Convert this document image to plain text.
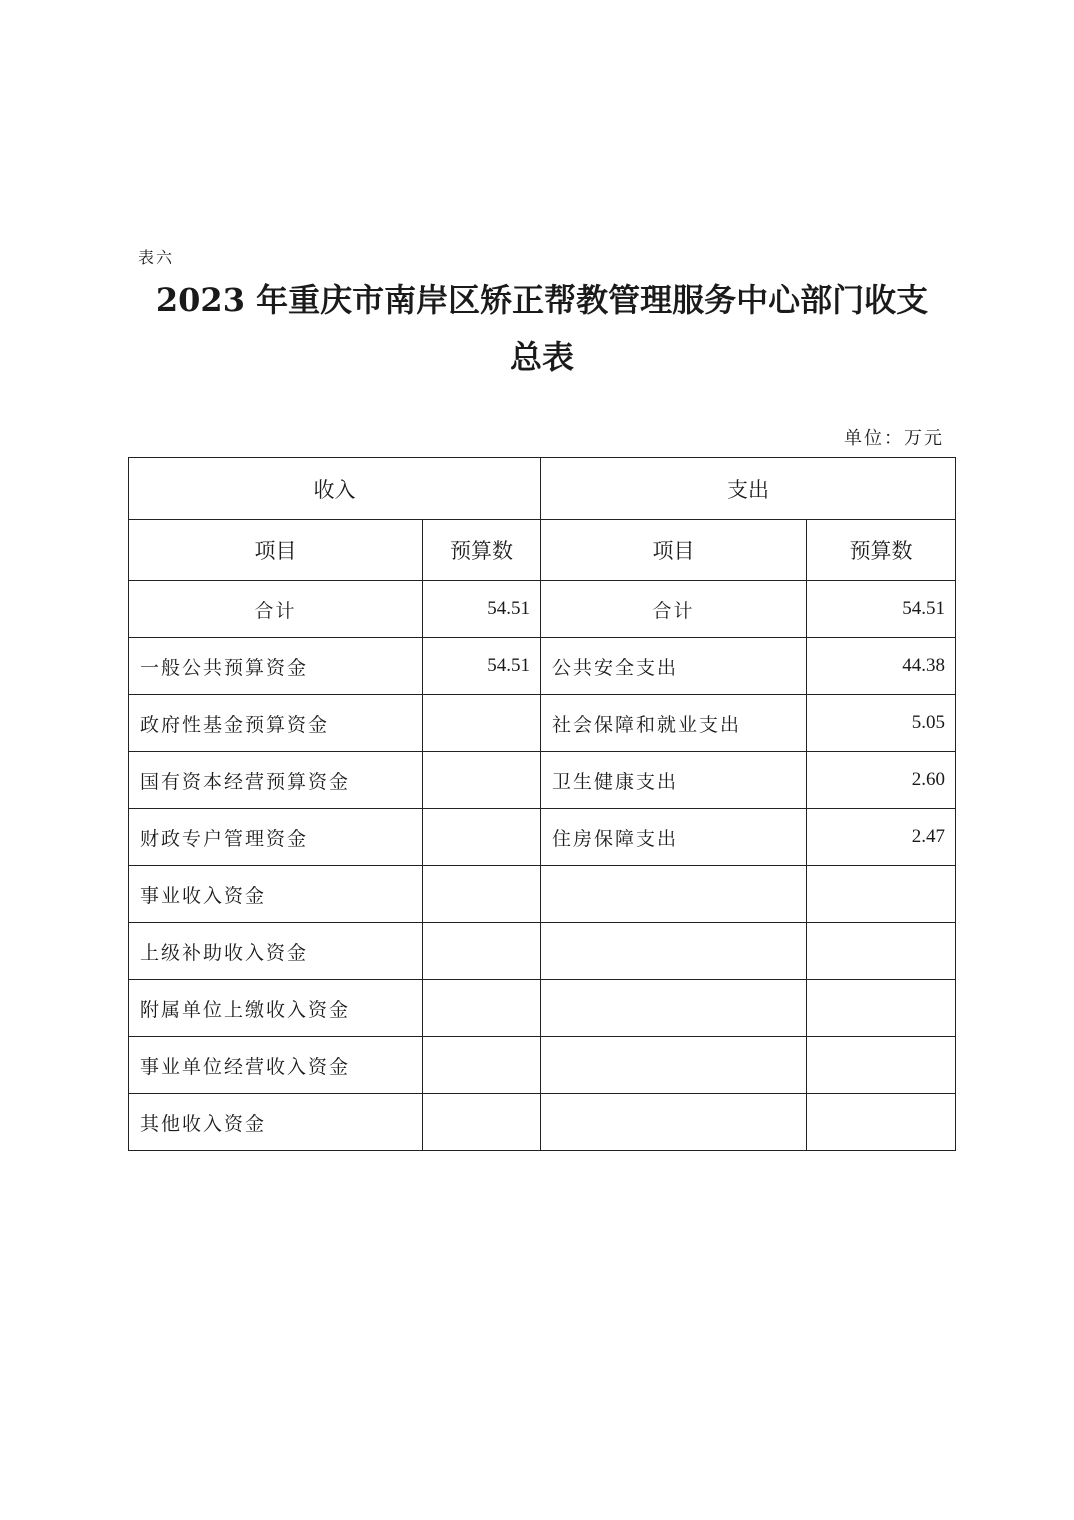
表六
2023 年重庆市南岸区矫正帮教管理服务中心部门收支
总表
单位：万元
收入		支出	
项目	预算数	项目	预算数
合计	54.51	合计	54.51
一般公共预算资金	54.51	公共安全支出	44.38
政府性基金预算资金		社会保障和就业支出	5.05
国有资本经营预算资金		卫生健康支出	2.60
财政专户管理资金		住房保障支出	2.47
事业收入资金			
上级补助收入资金			
附属单位上缴收入资金			
事业单位经营收入资金			
其他收入资金			
